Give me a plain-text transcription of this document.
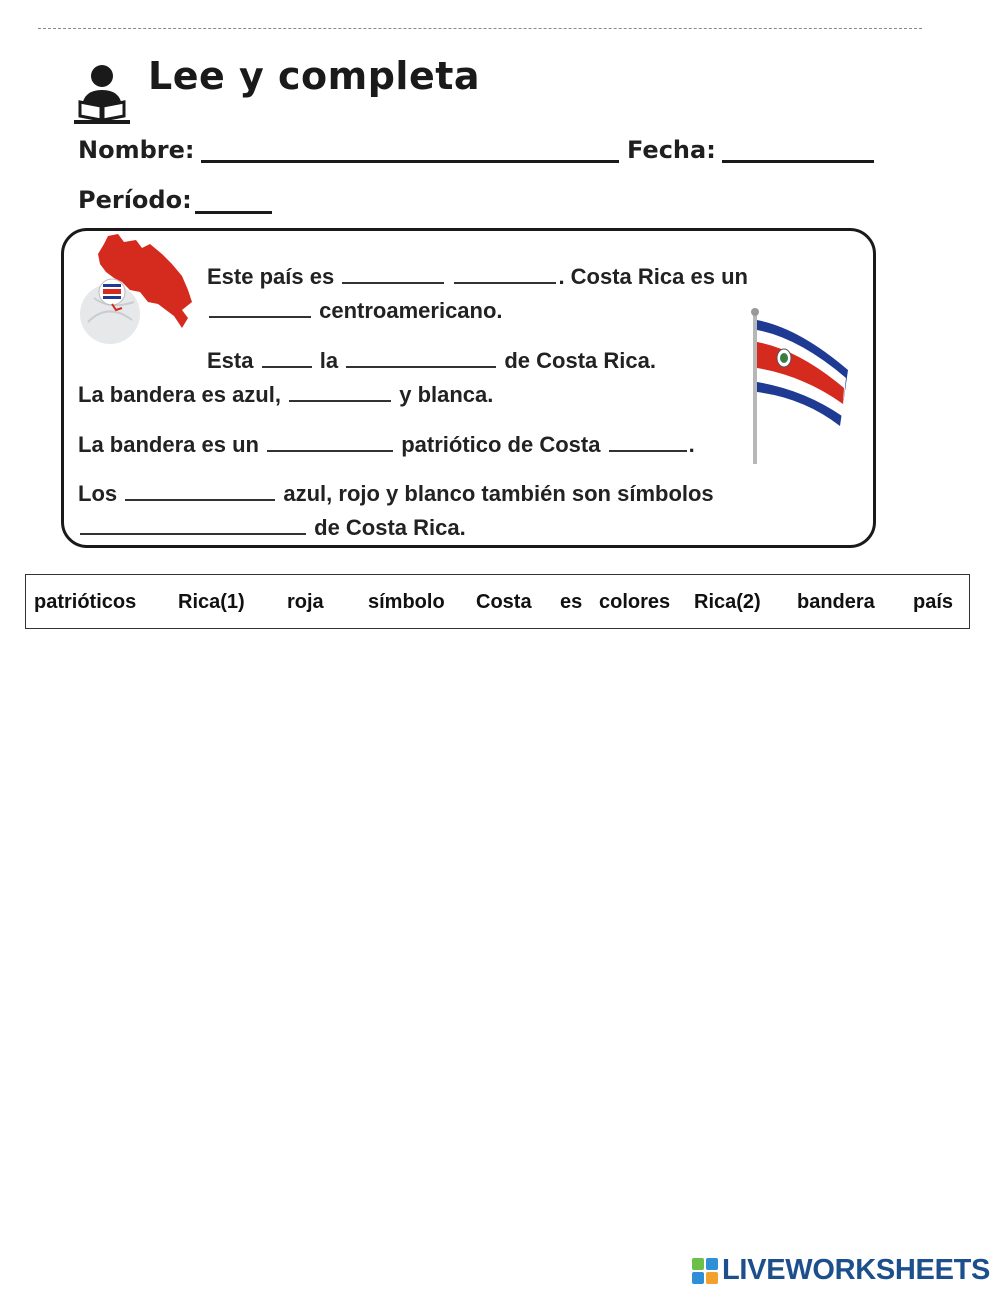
Lee y completa
Nombre:	Fecha:
Período:
Este país es	. Costa Rica es un
centroamericano.
Esta	la	de Costa Rica.
La bandera es azul,	y blanca.
La bandera es un	patriótico de Costa	.
Los	azul, rojo y blanco también son símbolos
de Costa Rica.
patrióticos Rica(1) roja símbolo Costa es colores Rica(2) bandera país
LIVEWORKSHEETS
